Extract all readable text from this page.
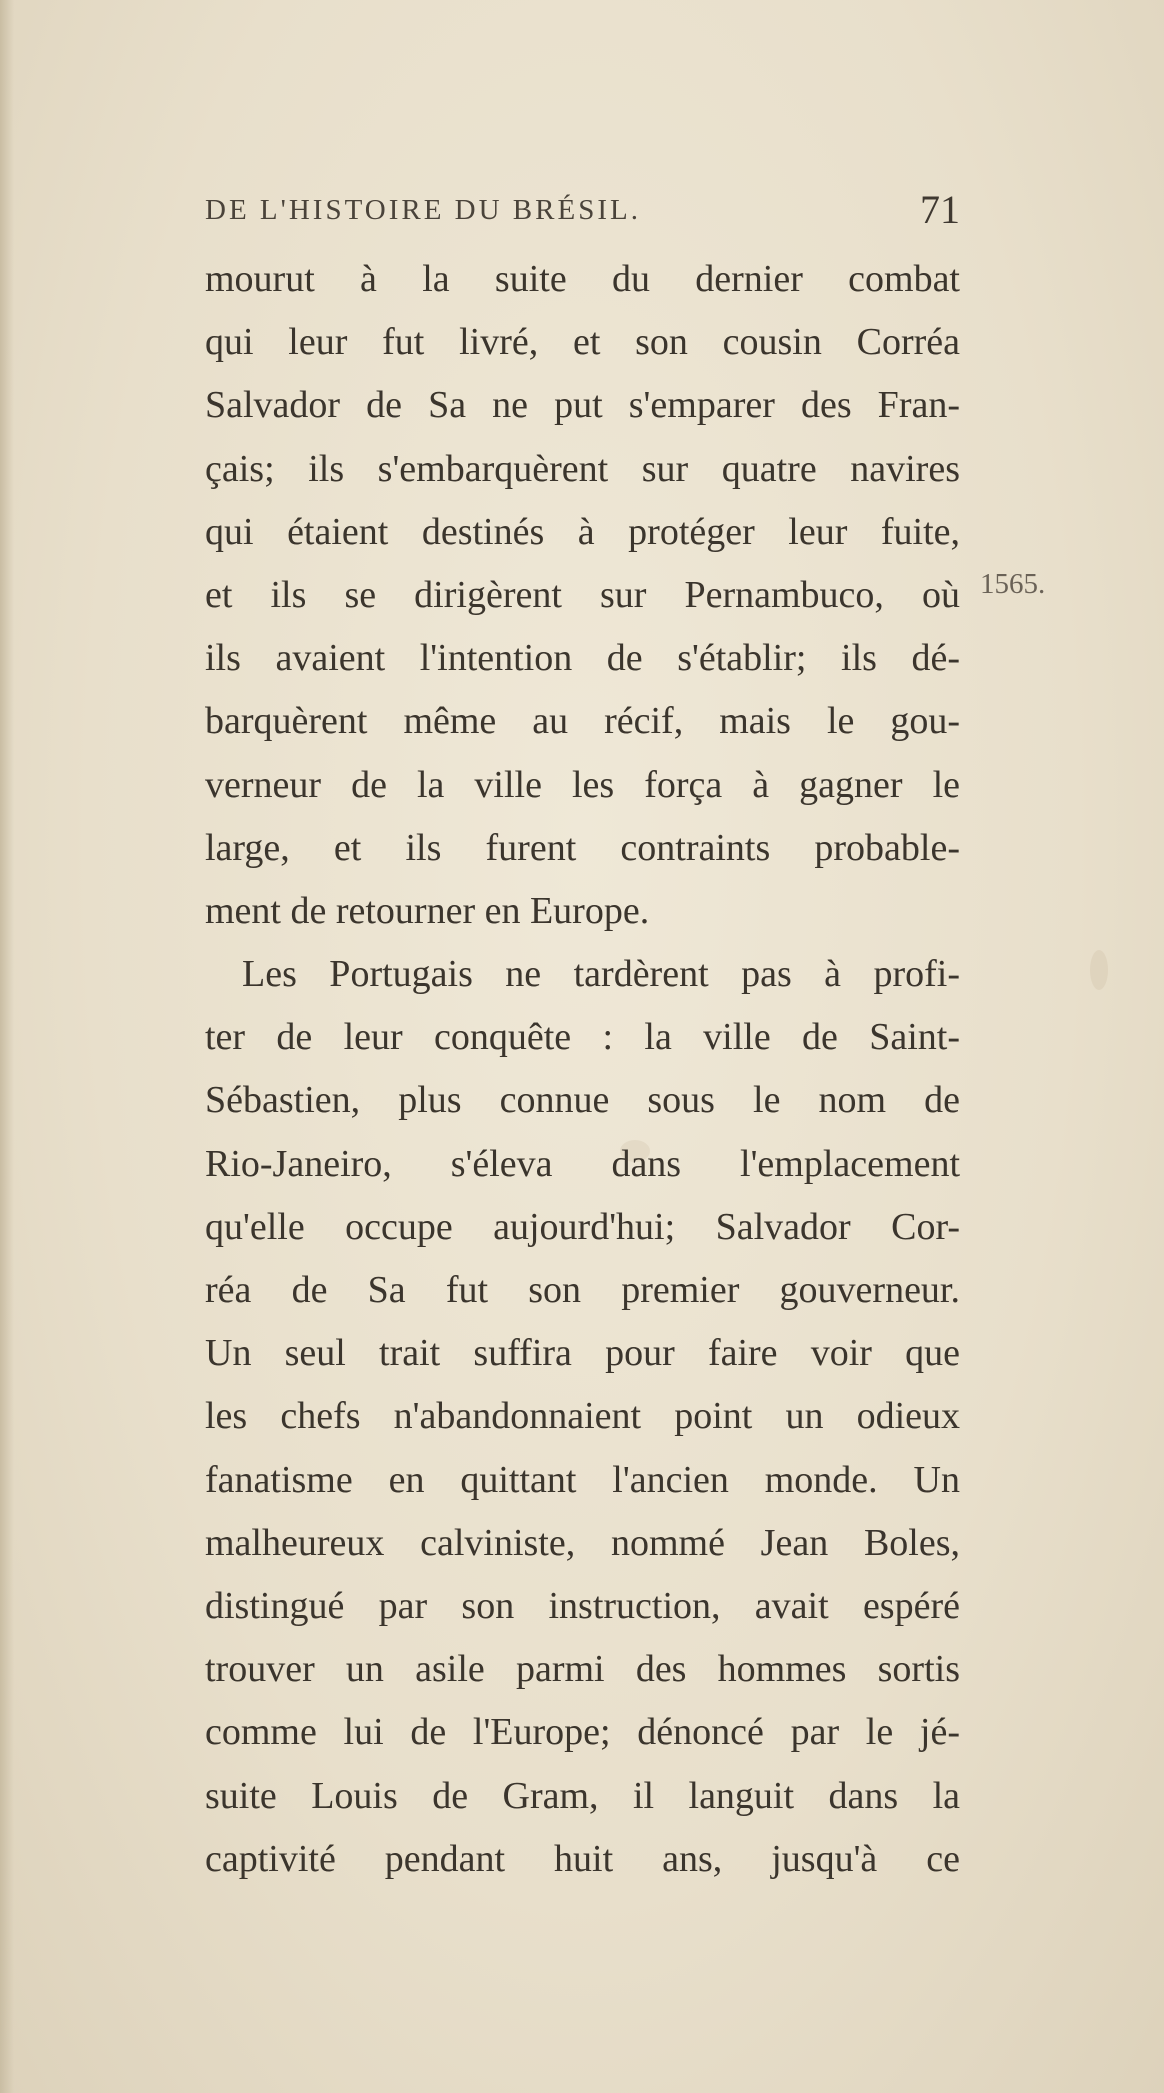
DE L'HISTOIRE DU BRÉSIL.	71
1565.
mourut à la suite du dernier combat
qui leur fut livré, et son cousin Corréa
Salvador de Sa ne put s'emparer des Fran-
çais; ils s'embarquèrent sur quatre navires
qui étaient destinés à protéger leur fuite,
et ils se dirigèrent sur Pernambuco, où
ils avaient l'intention de s'établir; ils dé-
barquèrent même au récif, mais le gou-
verneur de la ville les força à gagner le
large, et ils furent contraints probable-
ment de retourner en Europe.
Les Portugais ne tardèrent pas à profi-
ter de leur conquête : la ville de Saint-
Sébastien, plus connue sous le nom de
Rio-Janeiro, s'éleva dans l'emplacement
qu'elle occupe aujourd'hui; Salvador Cor-
réa de Sa fut son premier gouverneur.
Un seul trait suffira pour faire voir que
les chefs n'abandonnaient point un odieux
fanatisme en quittant l'ancien monde. Un
malheureux calviniste, nommé Jean Boles,
distingué par son instruction, avait espéré
trouver un asile parmi des hommes sortis
comme lui de l'Europe; dénoncé par le jé-
suite Louis de Gram, il languit dans la
captivité pendant huit ans, jusqu'à ce
